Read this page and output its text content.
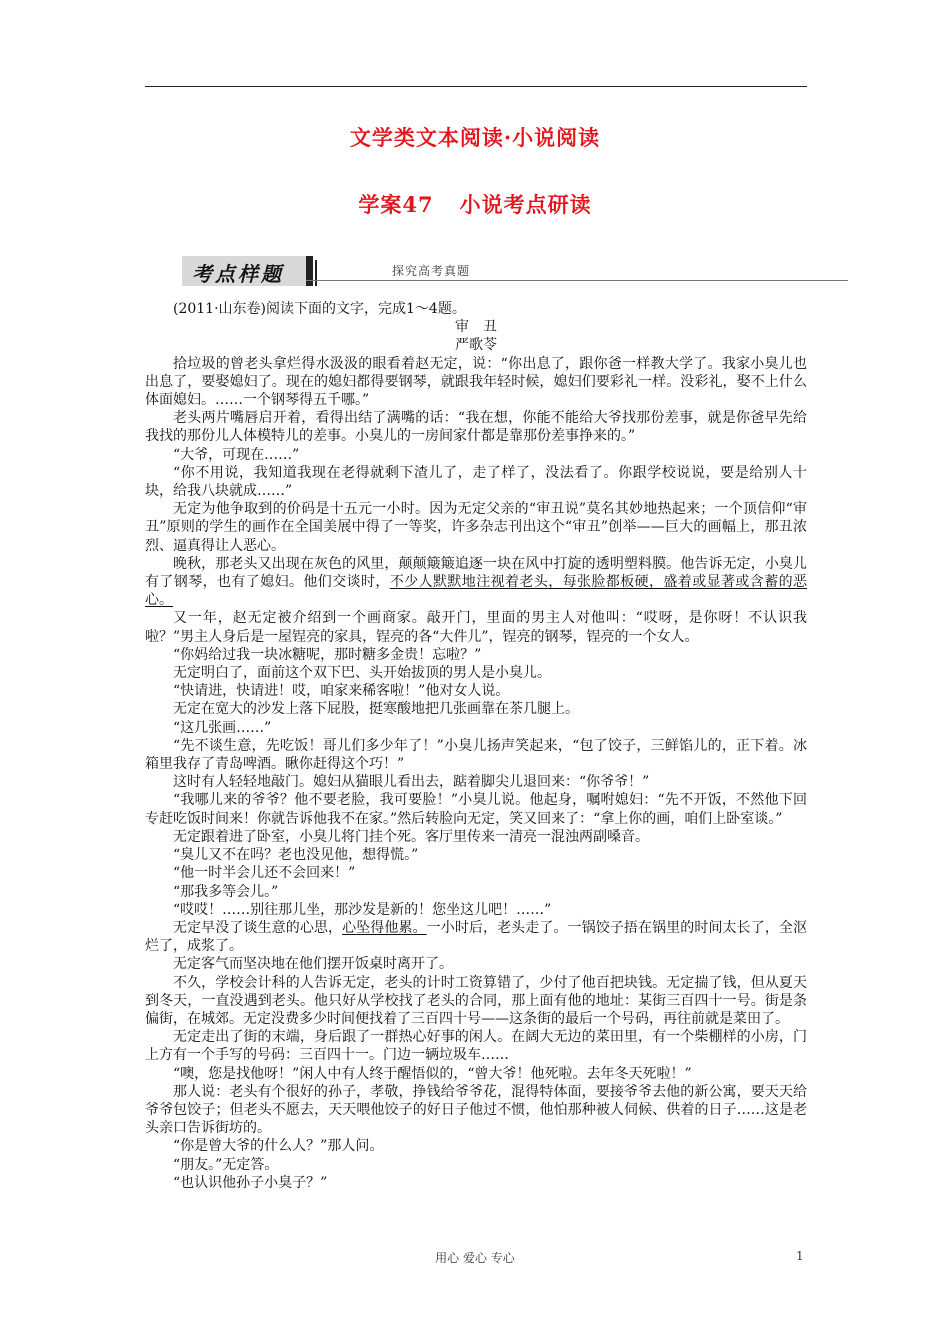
文学类文本阅读·小说阅读
学案47 小说考点研读
考点样题	探究高考真题

(2011·山东卷)阅读下面的文字，完成1～4题。

审　丑

严歌苓

拾垃圾的曾老头拿烂得水汲汲的眼看着赵无定，说：“你出息了，跟你爸一样教大学了。我家小臭儿也出息了，要娶媳妇了。现在的媳妇都得要钢琴，就跟我年轻时候，媳妇们要彩礼一样。没彩礼，娶不上什么体面媳妇。……一个钢琴得五千哪。”

老头两片嘴唇启开着，看得出结了满嘴的话：“我在想，你能不能给大爷找那份差事，就是你爸早先给我找的那份儿人体模特儿的差事。小臭儿的一房间家什都是靠那份差事挣来的。”

“大爷，可现在……”

“你不用说，我知道我现在老得就剩下渣儿了，走了样了，没法看了。你跟学校说说，要是给别人十块，给我八块就成……”

无定为他争取到的价码是十五元一小时。因为无定父亲的“审丑说”莫名其妙地热起来；一个顶信仰“审丑”原则的学生的画作在全国美展中得了一等奖，许多杂志刊出这个“审丑”创举——巨大的画幅上，那丑浓烈、逼真得让人恶心。

晚秋，那老头又出现在灰色的风里，颠颠簸簸追逐一块在风中打旋的透明塑料膜。他告诉无定，小臭儿有了钢琴，也有了媳妇。他们交谈时，不少人默默地注视着老头，每张脸都板硬，盛着或显著或含蓄的恶心。

又一年，赵无定被介绍到一个画商家。敲开门，里面的男主人对他叫：“哎呀，是你呀！不认识我啦？”男主人身后是一屋锃亮的家具，锃亮的各“大件儿”，锃亮的钢琴，锃亮的一个女人。

“你妈给过我一块冰糖呢，那时糖多金贵！忘啦？”

无定明白了，面前这个双下巴、头开始拔顶的男人是小臭儿。

“快请进，快请进！哎，咱家来稀客啦！”他对女人说。

无定在宽大的沙发上落下屁股，挺寒酸地把几张画靠在茶几腿上。

“这几张画……”

“先不谈生意，先吃饭！哥儿们多少年了！”小臭儿扬声笑起来，“包了饺子，三鲜馅儿的，正下着。冰箱里我存了青岛啤酒。瞅你赶得这个巧！”

这时有人轻轻地敲门。媳妇从猫眼儿看出去，踮着脚尖儿退回来：“你爷爷！”

“我哪儿来的爷爷？他不要老脸，我可要脸！”小臭儿说。他起身，嘱咐媳妇：“先不开饭，不然他下回专赶吃饭时间来！你就告诉他我不在家。”然后转脸向无定，笑又回来了：“拿上你的画，咱们上卧室谈。”

无定跟着进了卧室，小臭儿将门挂个死。客厅里传来一清亮一混浊两副嗓音。

“臭儿又不在吗？老也没见他，想得慌。”

“他一时半会儿还不会回来！”

“那我多等会儿。”

“哎哎！……别往那儿坐，那沙发是新的！您坐这儿吧！……”

无定早没了谈生意的心思，心坠得他累。一小时后，老头走了。一锅饺子捂在锅里的时间太长了，全沤烂了，成浆了。

无定客气而坚决地在他们摆开饭桌时离开了。

不久，学校会计科的人告诉无定，老头的计时工资算错了，少付了他百把块钱。无定揣了钱，但从夏天到冬天，一直没遇到老头。他只好从学校找了老头的合同，那上面有他的地址：某街三百四十一号。街是条偏街，在城郊。无定没费多少时间便找着了三百四十号——这条街的最后一个号码，再往前就是菜田了。

无定走出了街的末端，身后跟了一群热心好事的闲人。在阔大无边的菜田里，有一个柴棚样的小房，门上方有一个手写的号码：三百四十一。门边一辆垃圾车……

“噢，您是找他呀！”闲人中有人终于醒悟似的，“曾大爷！他死啦。去年冬天死啦！”

那人说：老头有个很好的孙子，孝敬，挣钱给爷爷花，混得特体面，要接爷爷去他的新公寓，要天天给爷爷包饺子；但老头不愿去，天天喂他饺子的好日子他过不惯，他怕那种被人伺候、供着的日子……这是老头亲口告诉街坊的。

“你是曾大爷的什么人？”那人问。

“朋友。”无定答。

“也认识他孙子小臭子？”

用心 爱心 专心	1
